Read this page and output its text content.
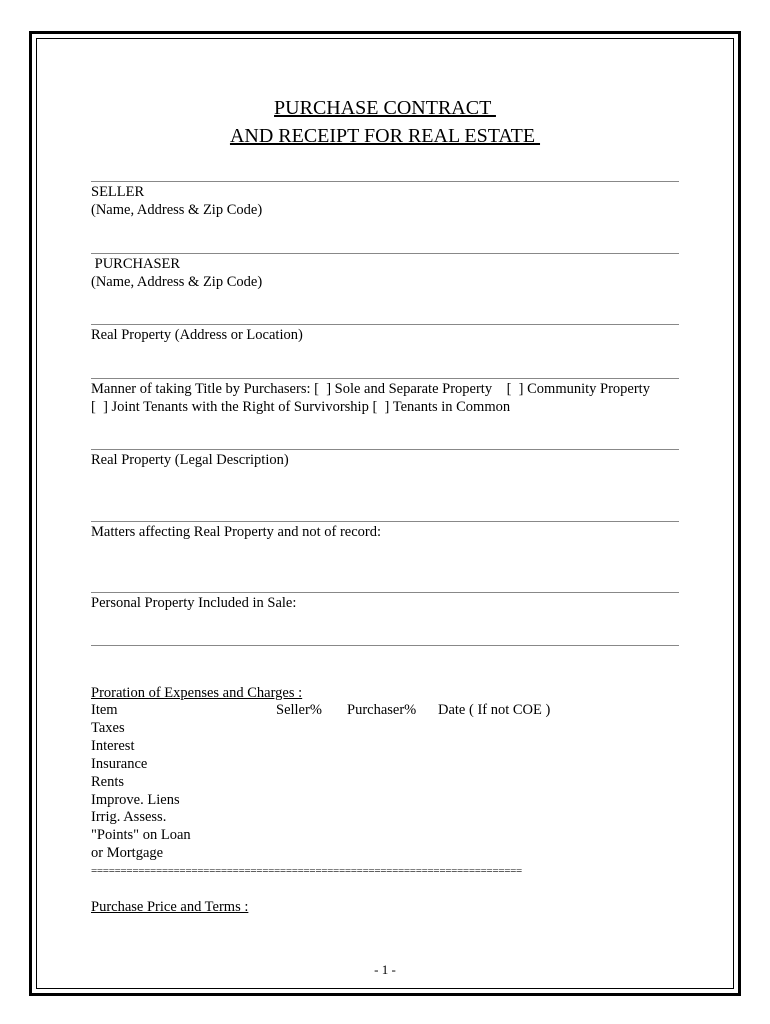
PURCHASE CONTRACT
AND RECEIPT FOR REAL ESTATE
SELLER
(Name, Address & Zip Code)
PURCHASER
(Name, Address & Zip Code)
Real Property (Address or Location)
Manner of taking Title by Purchasers: [  ] Sole and Separate Property    [  ] Community Property
[  ] Joint Tenants with the Right of Survivorship [  ] Tenants in Common
Real Property (Legal Description)
Matters affecting Real Property and not of record:
Personal Property Included in Sale:
Proration of Expenses and Charges :
Item	Seller% Purchaser% Date ( If not COE )
Taxes
Interest
Insurance
Rents
Improve. Liens
Irrig. Assess.
"Points" on Loan
or Mortgage
=========================================================================
Purchase Price and Terms :
- 1 -
